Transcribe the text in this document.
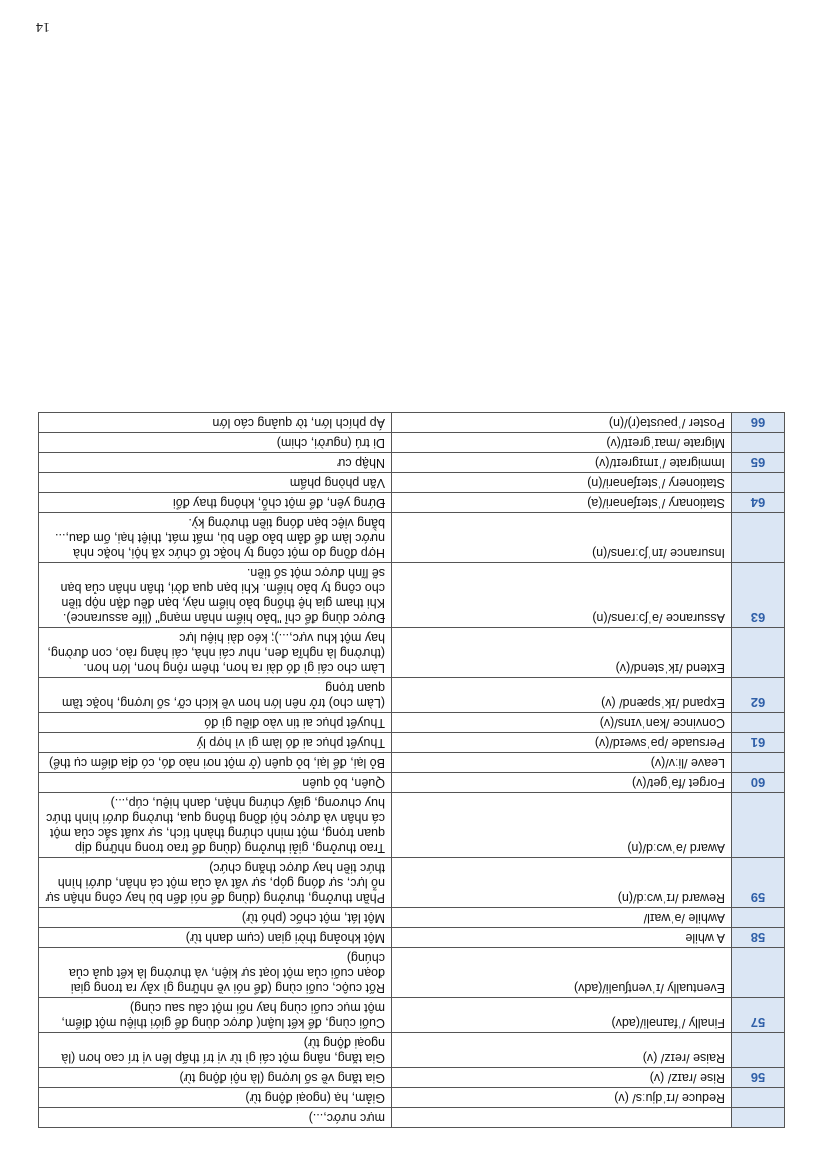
		mực nước,...)
	Reduce /rɪˈdjuːs/ (v)	Giảm, hạ (ngoại động từ)
56	Rise /raɪz/ (v)	Gia tăng về số lượng (là nội động từ)
	Raise /reɪz/ (v)	Gia tăng, nâng một cái gì từ vị trí thấp lên vị trí cao hơn (là ngoại động từ)
57	Finally /ˈfaɪnəli/(adv)	Cuối cùng, để kết luận( được dùng để giới thiệu một điểm, một mục cuối cùng hay nối một câu sau cùng)
	Eventually /ɪˈventʃuəli/(adv)	Rốt cuộc, cuối cùng (để nói về những gì xảy ra trong giai đoạn cuối của một loạt sự kiện, và thường là kết quả của chúng)
58	A while	Một khoảng thời gian (cụm danh từ)
	Awhile /əˈwaɪl/	Một lát, một chốc (phó từ)
59	Reward /rɪˈwɔːd/(n)	Phần thưởng, thưởng (dùng để nói đến bù hay công nhận sự nỗ lực, sự đóng góp, sự vất vả của một cá nhân, dưới hình thức tiền hay được thăng chức)
	Award /əˈwɔːd/(n)	Trao thưởng, giải thưởng (dùng để trao trong những dịp quan trọng, một minh chứng thành tích, sự xuất sắc của một cá nhân và được hội đồng thông qua, thường dưới hình thức huy chương, giấy chứng nhận, danh hiệu, cúp,...)
60	Forget /fəˈget/(v)	Quên, bỏ quên
	Leave /liːv/(v)	Bỏ lại, để lại, bỏ quên (ở một nơi nào đó, có địa điểm cụ thể)
61	Persuade /pəˈsweɪd/(v)	Thuyết phục ai đó làm gì vì hợp lý
	Convince /kənˈvɪns/(v)	Thuyết phục ai tin vào điều gì đó
62	Expand /ɪkˈspænd/ (v)	(Làm cho) trở nên lớn hơn về kích cỡ, số lượng, hoặc tầm quan trọng
	Extend /ɪkˈstend/(v)	Làm cho cái gì đó dài ra hơn, thêm rộng hơn, lớn hơn. (thường là nghĩa đen, như cái nhà, cái hàng rào, con đường, hay một khu vực,...); kéo dài hiệu lực
63	Assurance /əˈʃɔːrəns/(n)	Được dùng để chỉ "bảo hiểm nhân mạng" (life assurance). Khi tham gia hệ thống bảo hiểm này, bạn đều đặn nộp tiền cho công ty bảo hiểm. Khi bạn qua đời, thân nhân của bạn sẽ lĩnh được một số tiền.
	Insurance /ɪnˈʃɔːrəns/(n)	Hợp đồng do một công ty hoặc tổ chức xã hội, hoặc nhà nước làm để đảm bảo đền bù, mất mát, thiệt hại, ốm đau,... bằng việc bạn đóng tiền thường kỳ.
64	Stationary /ˈsteɪʃənəri/(a)	Đứng yên, để một chỗ, không thay đổi
	Stationery /ˈsteɪʃənəri/(n)	Văn phòng phẩm
65	Immigrate /ˈɪmɪgreɪt/(v)	Nhập cư
	Migrate /maɪˈgreɪt/(v)	Di trú (người, chim)
66	Poster /ˈpəʊstə(r)/(n)	Áp phích lớn, tờ quảng cáo lớn
14
